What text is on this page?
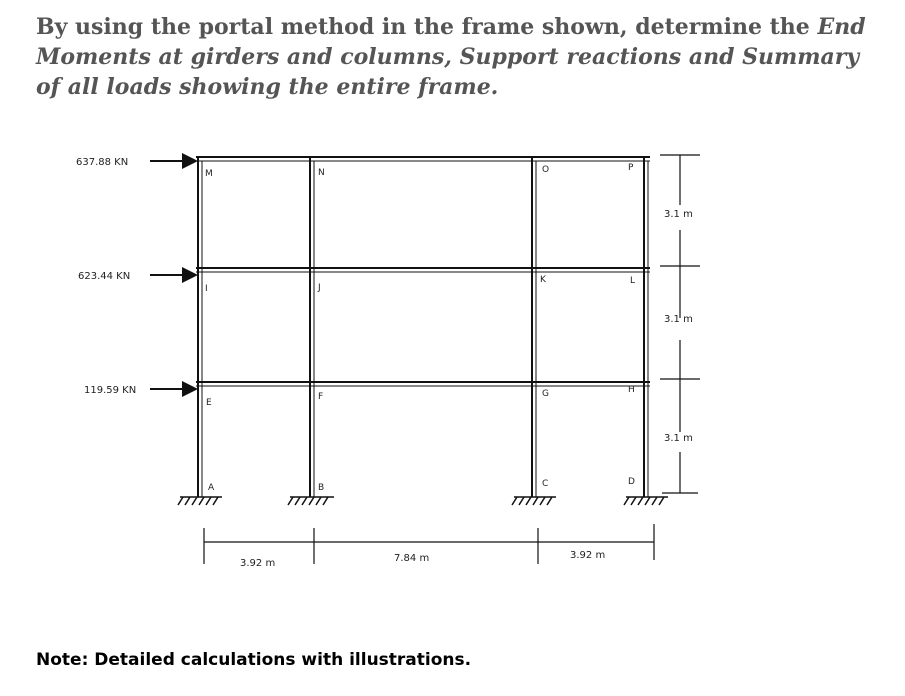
By using the portal method in the frame shown, determine the End Moments at girders and columns, Support reactions and Summary of all loads showing the entire frame.

637.88 KN
623.44 KN
119.59 KN
M	N	O	P
I	J
K	L
E
F	G	H
A	B	C	D
3.1 m
3.1 m
3.1 m
3.92 m	7.84 m	3.92 m
Note: Detailed calculations with illustrations.
